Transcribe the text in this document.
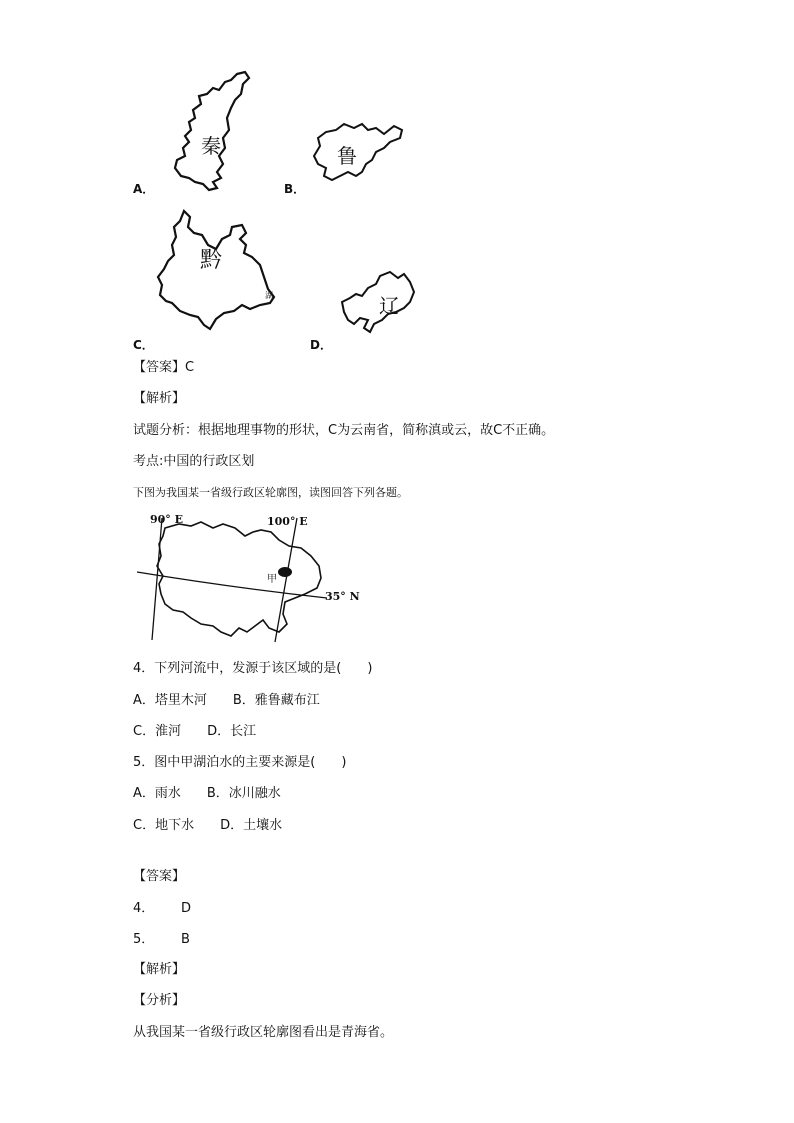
秦
A．
鲁
B．
黔
湖
C．
辽
D．
【答案】C
【解析】
试题分析：根据地理事物的形状，C为云南省，简称滇或云，故C不正确。
考点:中国的行政区划
下图为我国某一省级行政区轮廓图，读图回答下列各题。
90° E	100° E
35° N
甲
4．下列河流中，发源于该区域的是(　　)
A．塔里木河　　B．雅鲁藏布江
C．淮河　　D．长江
5．图中甲湖泊水的主要来源是(　　)
A．雨水　　B．冰川融水
C．地下水　　D．土壤水
【答案】
4． D
5． B
【解析】
【分析】
从我国某一省级行政区轮廓图看出是青海省。
